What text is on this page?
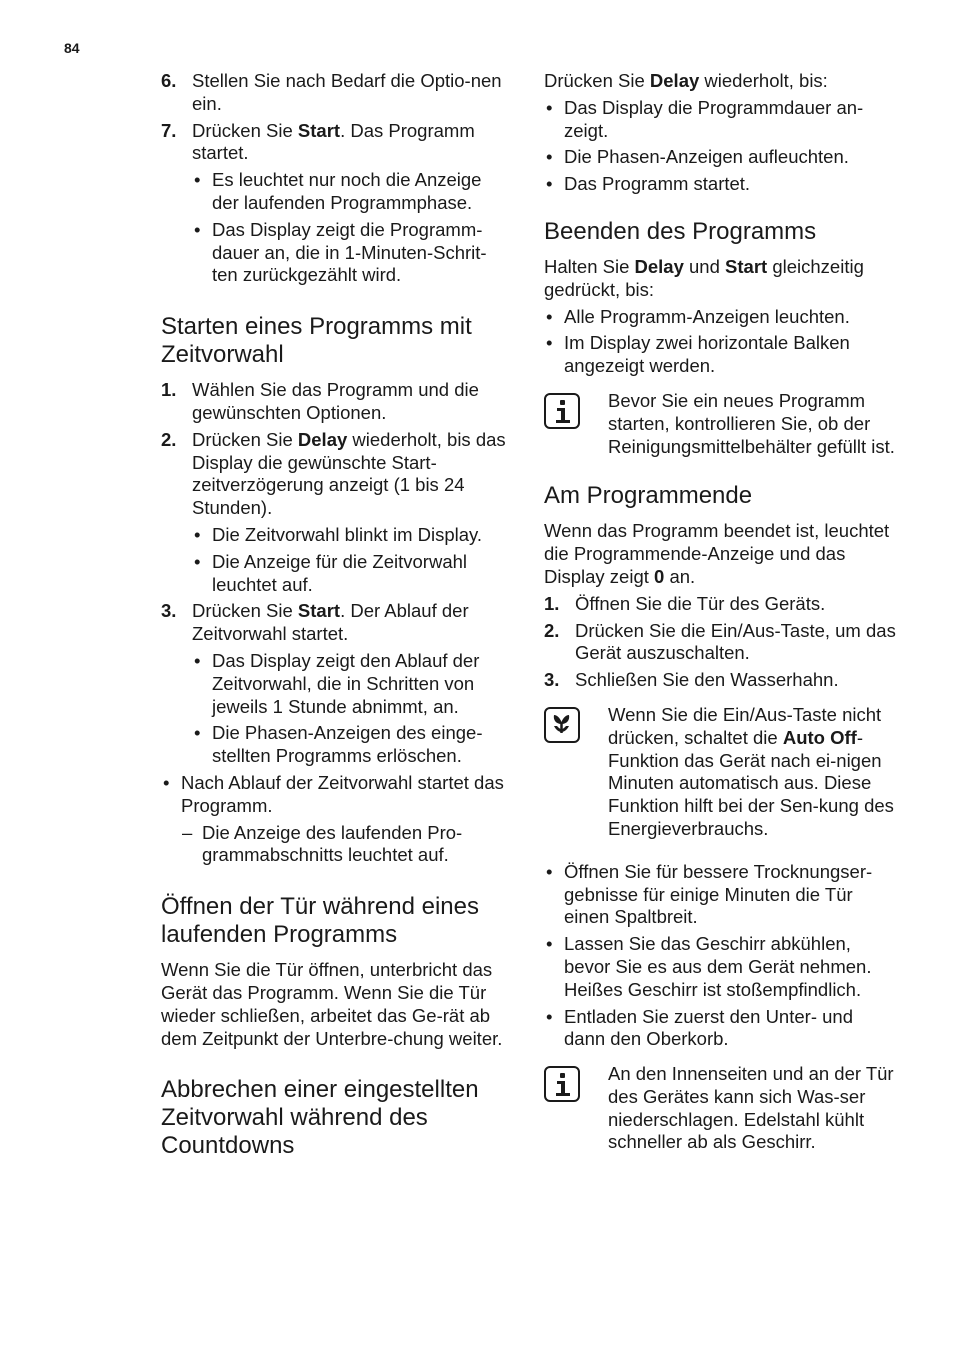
84

6. Stellen Sie nach Bedarf die Optio-nen ein.

7. Drücken Sie Start. Das Programm startet.

• Es leuchtet nur noch die Anzeige der laufenden Programmphase.

• Das Display zeigt die Programm-dauer an, die in 1-Minuten-Schrit-ten zurückgezählt wird.

Starten eines Programms mit Zeitvorwahl

1. Wählen Sie das Programm und die gewünschten Optionen.

2. Drücken Sie Delay wiederholt, bis das Display die gewünschte Start-zeitverzögerung anzeigt (1 bis 24 Stunden).

• Die Zeitvorwahl blinkt im Display.

• Die Anzeige für die Zeitvorwahl leuchtet auf.

3. Drücken Sie Start. Der Ablauf der Zeitvorwahl startet.

• Das Display zeigt den Ablauf der Zeitvorwahl, die in Schritten von jeweils 1 Stunde abnimmt, an.

• Die Phasen-Anzeigen des einge-stellten Programms erlöschen.

• Nach Ablauf der Zeitvorwahl startet das Programm.

– Die Anzeige des laufenden Pro-grammabschnitts leuchtet auf.

Öffnen der Tür während eines laufenden Programms

Wenn Sie die Tür öffnen, unterbricht das Gerät das Programm. Wenn Sie die Tür wieder schließen, arbeitet das Ge-rät ab dem Zeitpunkt der Unterbre-chung weiter.

Abbrechen einer eingestellten Zeitvorwahl während des Countdowns

Drücken Sie Delay wiederholt, bis:

• Das Display die Programmdauer an-zeigt.

• Die Phasen-Anzeigen aufleuchten.

• Das Programm startet.

Beenden des Programms

Halten Sie Delay und Start gleichzeitig gedrückt, bis:

• Alle Programm-Anzeigen leuchten.

• Im Display zwei horizontale Balken angezeigt werden.

Bevor Sie ein neues Programm starten, kontrollieren Sie, ob der Reinigungsmittelbehälter gefüllt ist.

Am Programmende

Wenn das Programm beendet ist, leuchtet die Programmende-Anzeige und das Display zeigt 0 an.

1. Öffnen Sie die Tür des Geräts.

2. Drücken Sie die Ein/Aus-Taste, um das Gerät auszuschalten.

3. Schließen Sie den Wasserhahn.

Wenn Sie die Ein/Aus-Taste nicht drücken, schaltet die Auto Off-Funktion das Gerät nach ei-nigen Minuten automatisch aus. Diese Funktion hilft bei der Sen-kung des Energieverbrauchs.

• Öffnen Sie für bessere Trocknungser-gebnisse für einige Minuten die Tür einen Spaltbreit.

• Lassen Sie das Geschirr abkühlen, bevor Sie es aus dem Gerät nehmen. Heißes Geschirr ist stoßempfindlich.

• Entladen Sie zuerst den Unter- und dann den Oberkorb.

An den Innenseiten und an der Tür des Gerätes kann sich Was-ser niederschlagen. Edelstahl kühlt schneller ab als Geschirr.
